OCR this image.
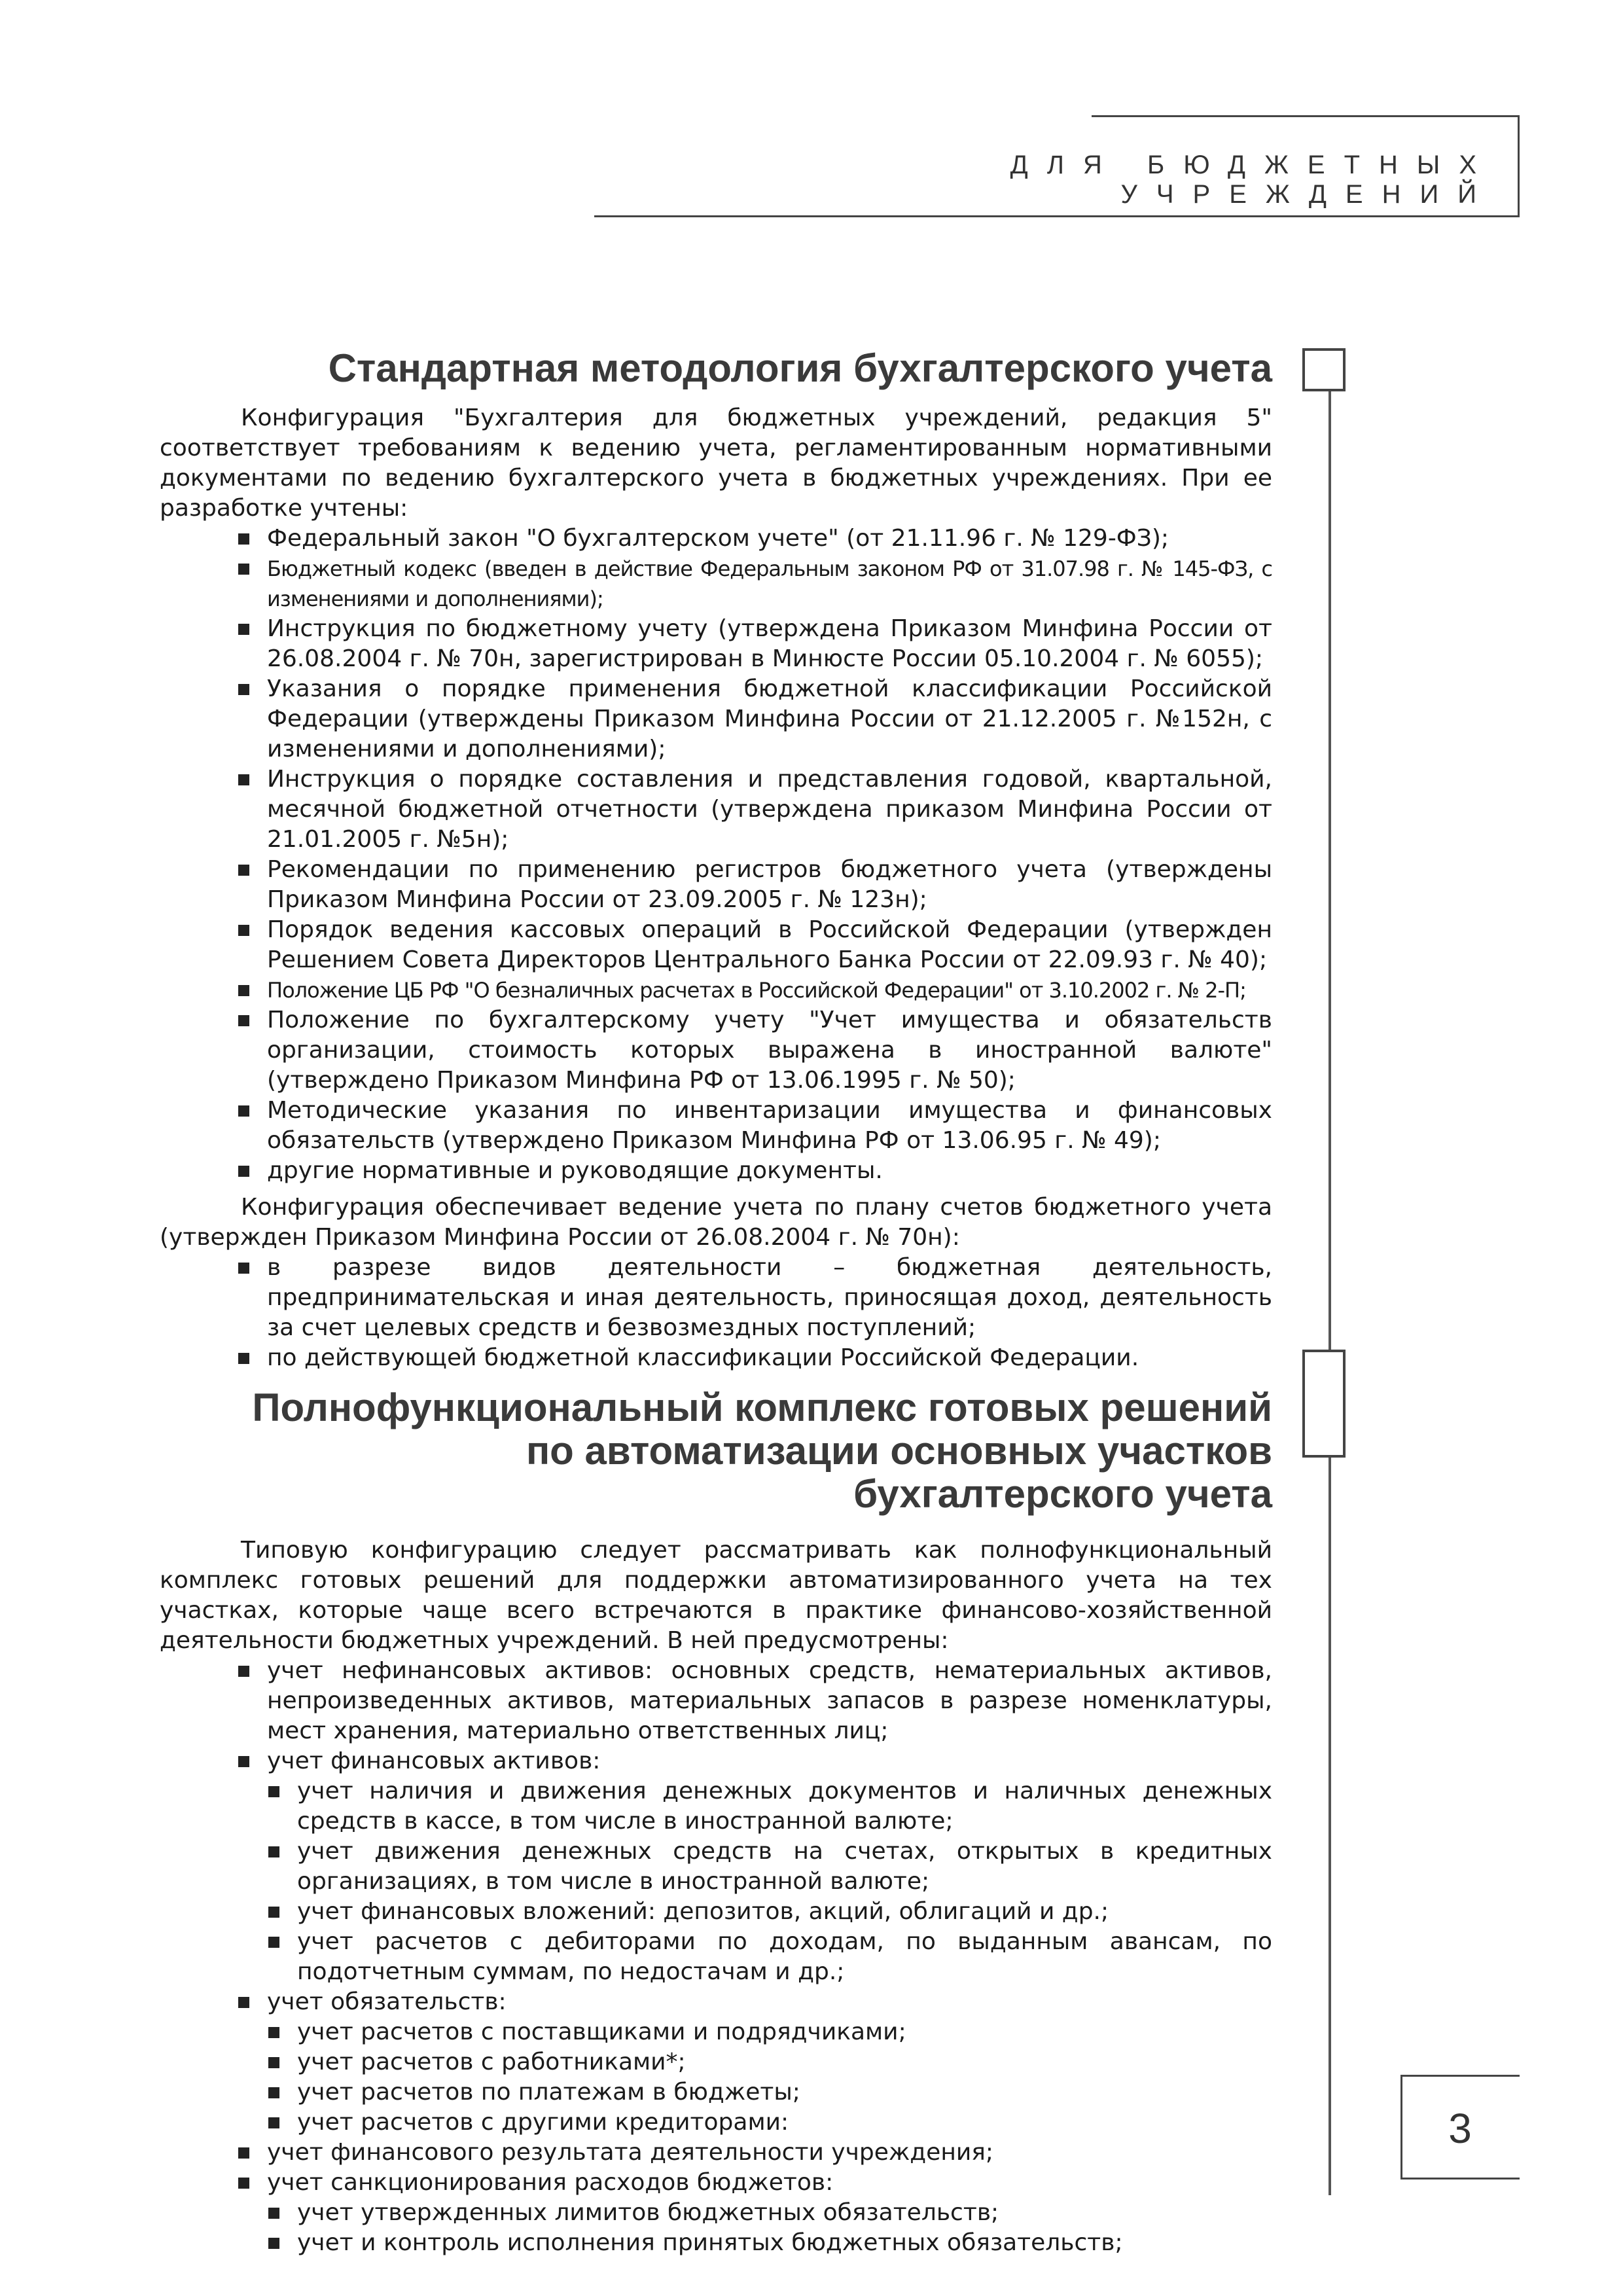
ДЛЯ БЮДЖЕТНЫХ УЧРЕЖДЕНИЙ
3
Стандартная методология бухгалтерского учета

Конфигурация "Бухгалтерия для бюджетных учреждений, редакция 5" соответствует требованиям к ведению учета, регламентированным нормативными документами по ведению бухгалтерского учета в бюджетных учреждениях. При ее разработке учтены:

Федеральный закон "О бухгалтерском учете" (от 21.11.96 г. № 129-ФЗ);
Бюджетный кодекс (введен в действие Федеральным законом РФ от 31.07.98 г. № 145-ФЗ, с изменениями и дополнениями);
Инструкция по бюджетному учету (утверждена Приказом Минфина России от 26.08.2004 г. № 70н, зарегистрирован в Минюсте России 05.10.2004 г. № 6055);
Указания о порядке применения бюджетной классификации Российской Федерации (утверждены Приказом Минфина России от 21.12.2005 г. №152н, с изменениями и дополнениями);
Инструкция о порядке составления и представления годовой, квартальной, месячной бюджетной отчетности (утверждена приказом Минфина России от 21.01.2005 г. №5н);
Рекомендации по применению регистров бюджетного учета (утверждены Приказом Минфина России от 23.09.2005 г. № 123н);
Порядок ведения кассовых операций в Российской Федерации (утвержден Решением Совета Директоров Центрального Банка России от 22.09.93 г. № 40);
Положение ЦБ РФ "О безналичных расчетах в Российской Федерации" от 3.10.2002 г. № 2-П;
Положение по бухгалтерскому учету "Учет имущества и обязательств организации, стоимость которых выражена в иностранной валюте" (утверждено Приказом Минфина РФ от 13.06.1995 г. № 50);
Методические указания по инвентаризации имущества и финансовых обязательств (утверждено Приказом Минфина РФ от 13.06.95 г. № 49);
другие нормативные и руководящие документы.

Конфигурация обеспечивает ведение учета по плану счетов бюджетного учета (утвержден Приказом Минфина России от 26.08.2004 г. № 70н):

в разрезе видов деятельности – бюджетная деятельность, предпринимательская и иная деятельность, приносящая доход, деятельность за счет целевых средств и безвозмездных поступлений;
по действующей бюджетной классификации Российской Федерации.
Полнофункциональный комплекс готовых решений
по автоматизации основных участков
бухгалтерского учета

Типовую конфигурацию следует рассматривать как полнофункциональный комплекс готовых решений для поддержки автоматизированного учета на тех участках, которые чаще всего встречаются в практике финансово-хозяйственной деятельности бюджетных учреждений. В ней предусмотрены:

учет нефинансовых активов: основных средств, нематериальных активов, непроизведенных активов, материальных запасов в разрезе номенклатуры, мест хранения, материально ответственных лиц;
учет финансовых активов:
учет наличия и движения денежных документов и наличных денежных средств в кассе, в том числе в иностранной валюте;
учет движения денежных средств на счетах, открытых в кредитных организациях, в том числе в иностранной валюте;
учет финансовых вложений: депозитов, акций, облигаций и др.;
учет расчетов с дебиторами по доходам, по выданным авансам, по подотчетным суммам, по недостачам и др.;
учет обязательств:
учет расчетов с поставщиками и подрядчиками;
учет расчетов с работниками*;
учет расчетов по платежам в бюджеты;
учет расчетов с другими кредиторами:
учет финансового результата деятельности учреждения;
учет санкционирования расходов бюджетов:
учет утвержденных лимитов бюджетных обязательств;
учет и контроль исполнения принятых бюджетных обязательств;
